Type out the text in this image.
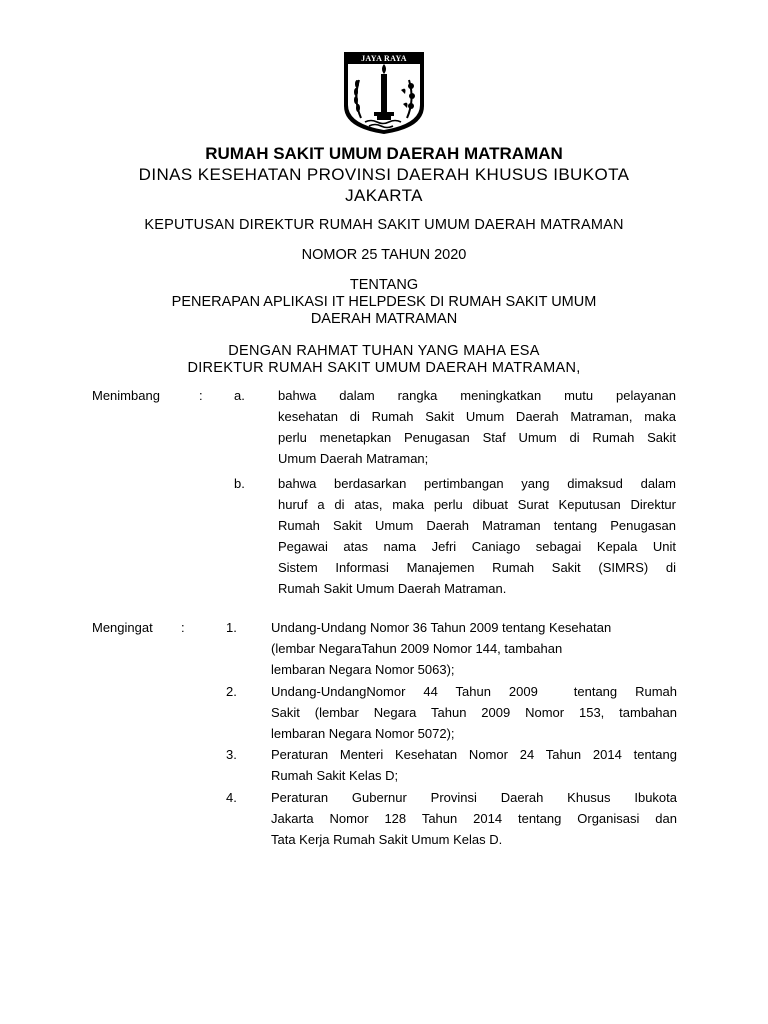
JAYA RAYA
RUMAH SAKIT UMUM DAERAH MATRAMAN
DINAS KESEHATAN PROVINSI DAERAH KHUSUS IBUKOTA
JAKARTA
KEPUTUSAN DIREKTUR RUMAH SAKIT UMUM DAERAH MATRAMAN
NOMOR 25 TAHUN 2020
TENTANG
PENERAPAN APLIKASI IT HELPDESK DI RUMAH SAKIT UMUM
DAERAH MATRAMAN
DENGAN RAHMAT TUHAN YANG MAHA ESA
DIREKTUR RUMAH SAKIT UMUM DAERAH MATRAMAN,
Menimbang	: a.	bahwa dalam rangka meningkatkan mutu pelayanan
kesehatan di Rumah Sakit Umum Daerah Matraman, maka
perlu menetapkan Penugasan Staf Umum di Rumah Sakit
Umum Daerah Matraman;
b.	bahwa berdasarkan pertimbangan yang dimaksud dalam
huruf a di atas, maka perlu dibuat Surat Keputusan Direktur
Rumah Sakit Umum Daerah Matraman tentang Penugasan
Pegawai atas nama Jefri Caniago sebagai Kepala Unit
Sistem Informasi Manajemen Rumah Sakit (SIMRS) di
Rumah Sakit Umum Daerah Matraman.
Mengingat :	1.	Undang-Undang Nomor 36 Tahun 2009 tentang Kesehatan
(lembar NegaraTahun 2009 Nomor 144, tambahan
lembaran Negara Nomor 5063);
2.	Undang-UndangNomor 44 Tahun 2009  tentang Rumah
Sakit (lembar Negara Tahun 2009 Nomor 153, tambahan
lembaran Negara Nomor 5072);
3.	Peraturan Menteri Kesehatan Nomor 24 Tahun 2014 tentang
Rumah Sakit Kelas D;
4.	Peraturan Gubernur Provinsi Daerah Khusus Ibukota
Jakarta Nomor 128 Tahun 2014 tentang Organisasi dan
Tata Kerja Rumah Sakit Umum Kelas D.
